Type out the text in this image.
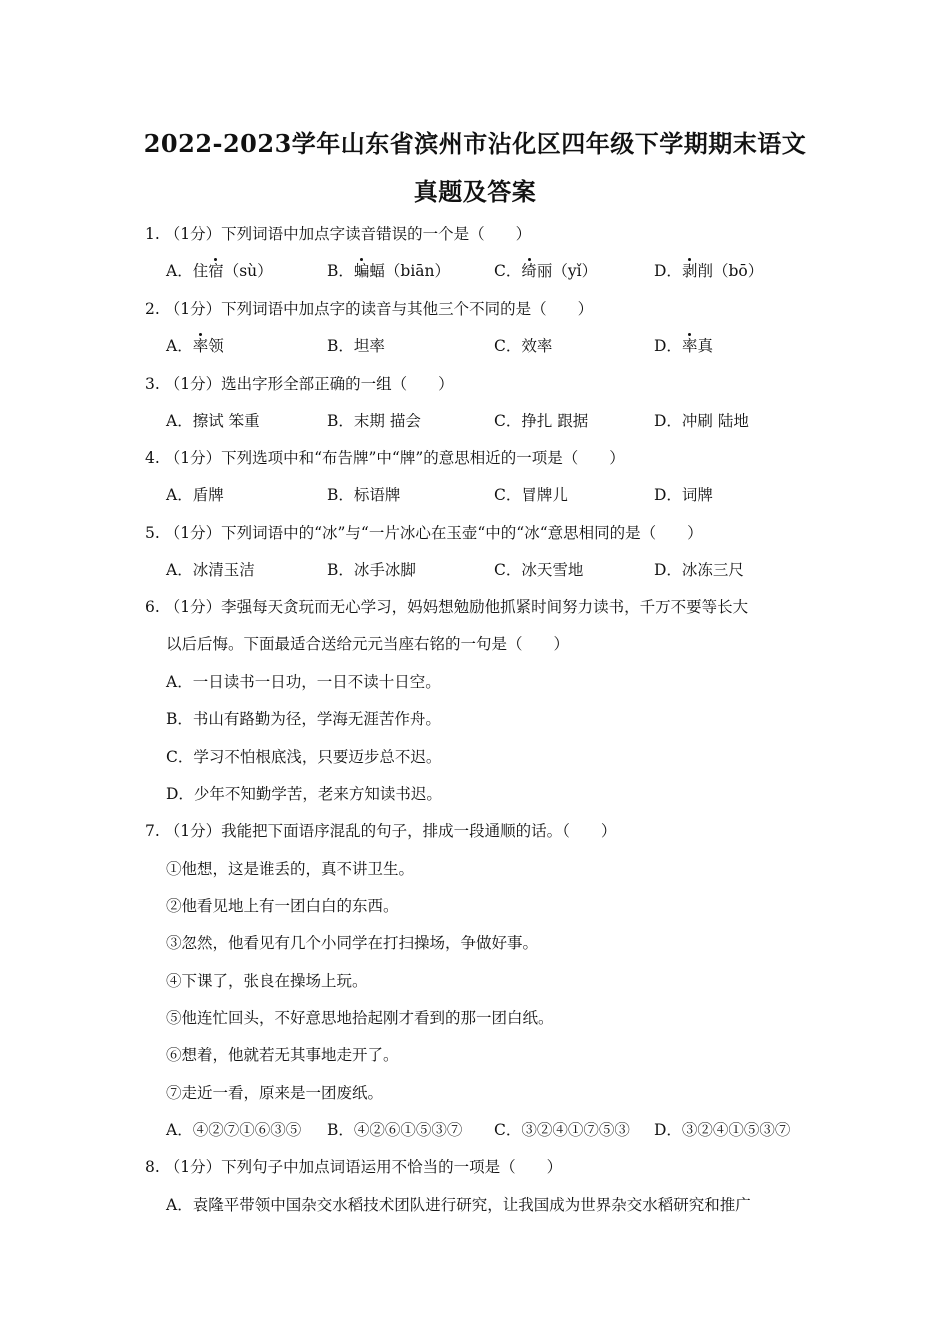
2022-2023学年山东省滨州市沾化区四年级下学期期末语文
真题及答案
1. （1分）下列词语中加点字读音错误的一个是（　　）
A．住宿（sù）	B．蝙蝠（biān）	C．绮丽（yǐ）	D．剥削（bō）
2. （1分）下列词语中加点字的读音与其他三个不同的是（　　）
A．率领	B．坦率	C．效率	D．率真
3. （1分）选出字形全部正确的一组（　　）
A．擦试 笨重	B．末期 描会	C．挣扎 跟据	D．冲刷 陆地
4. （1分）下列选项中和“布告牌”中“牌”的意思相近的一项是（　　）
A．盾牌	B．标语牌	C．冒牌儿	D．词牌
5. （1分）下列词语中的“冰”与“一片冰心在玉壶“中的“冰“意思相同的是（　　）
A．冰清玉洁	B．冰手冰脚	C．冰天雪地	D．冰冻三尺
6. （1分）李强每天贪玩而无心学习，妈妈想勉励他抓紧时间努力读书，千万不要等长大
以后后悔。下面最适合送给元元当座右铭的一句是（　　）
A．一日读书一日功，一日不读十日空。
B．书山有路勤为径，学海无涯苦作舟。
C．学习不怕根底浅，只要迈步总不迟。
D．少年不知勤学苦，老来方知读书迟。
7. （1分）我能把下面语序混乱的句子，排成一段通顺的话。（　　）
①他想，这是谁丢的，真不讲卫生。
②他看见地上有一团白白的东西。
③忽然，他看见有几个小同学在打扫操场，争做好事。
④下课了，张良在操场上玩。
⑤他连忙回头，不好意思地拾起刚才看到的那一团白纸。
⑥想着，他就若无其事地走开了。
⑦走近一看，原来是一团废纸。
A．④②⑦①⑥③⑤ B．④②⑥①⑤③⑦ C．③②④①⑦⑤③ D．③②④①⑤③⑦
8. （1分）下列句子中加点词语运用不恰当的一项是（　　）
A．袁隆平带领中国杂交水稻技术团队进行研究，让我国成为世界杂交水稻研究和推广
